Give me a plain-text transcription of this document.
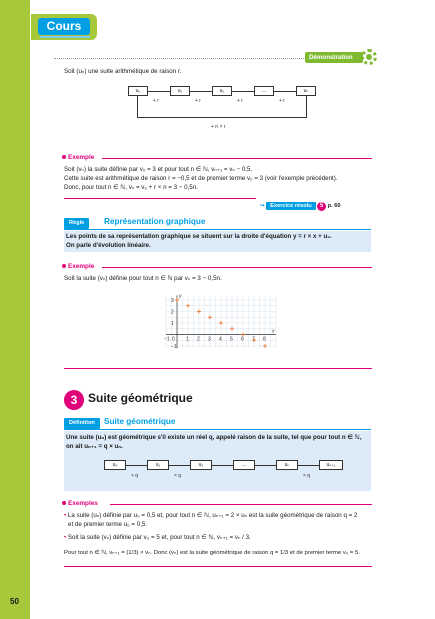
50
Cours
Démonstration
Soit (uₙ) une suite arithmétique de raison r.
u₀	u₁	u₂	…	uₙ
+ r	+ r	+ r	+ r
+ n × r
Exemple
Soit (vₙ) la suite définie par v₀ = 3 et pour tout n ∈ ℕ, vₙ₊₁ = vₙ − 0,5.
Cette suite est arithmétique de raison r = −0,5 et de premier terme v₀ = 3 (voir l'exemple précédent).
Donc, pour tout n ∈ ℕ, vₙ = v₀ + r × n = 3 − 0,5n.
↪ Exercice résolu 5 p. 60
Règle	Représentation graphique
Les points de sa représentation graphique se situent sur la droite d'équation y = r × x + u₀.
On parle d'évolution linéaire.
Exemple
Soit la suite (vₙ) définie pour tout n ∈ ℕ par vₙ = 3 − 0,5n.
x
y
−1 0 1 2 3 4 5 6 7 8
3
2
1
−1
3 Suite géométrique
Définition	Suite géométrique
Une suite (uₙ) est géométrique s'il existe un réel q, appelé raison de la suite, tel que pour tout n ∈ ℕ,
on ait uₙ₊₁ = q × uₙ.
u₀	u₁	u₂	…	uₙ	uₙ₊₁
× q	× q	× q
Exemples
• La suite (uₙ) définie par u₀ = 0,5 et, pour tout n ∈ ℕ, uₙ₊₁ = 2 × uₙ est la suite géométrique de raison q = 2
et de premier terme u₀ = 0,5.
• Soit la suite (vₙ) définie par v₀ = 5 et, pour tout n ∈ ℕ, vₙ₊₁ = vₙ / 3.
Pour tout n ∈ ℕ, vₙ₊₁ = (1/3) × vₙ. Donc (vₙ) est la suite géométrique de raison q = 1/3 et de premier terme v₀ = 5.
